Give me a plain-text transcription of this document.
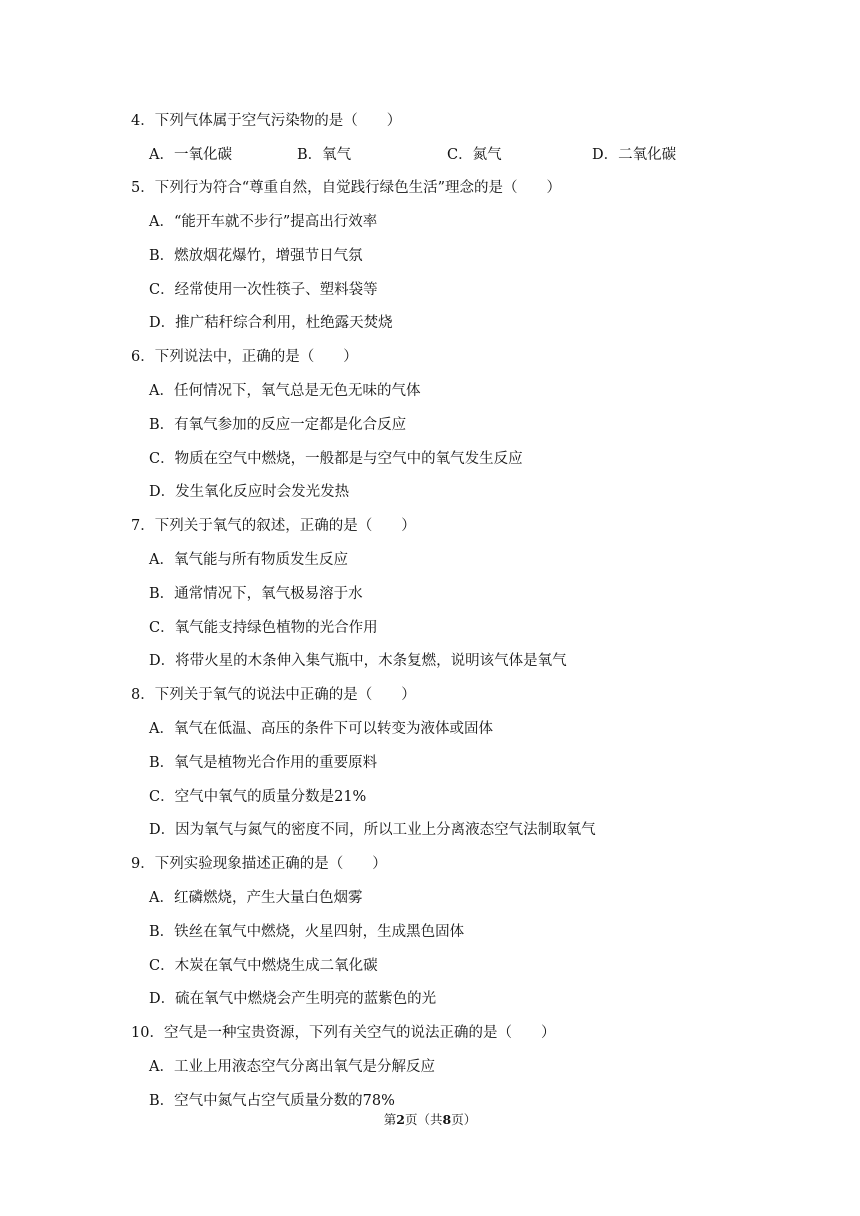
4．下列气体属于空气污染物的是（　　）
A．一氧化碳	B．氧气	C．氮气	D．二氧化碳
5．下列行为符合“尊重自然，自觉践行绿色生活”理念的是（　　）
A．“能开车就不步行”提高出行效率
B．燃放烟花爆竹，增强节日气氛
C．经常使用一次性筷子、塑料袋等
D．推广秸秆综合利用，杜绝露天焚烧
6．下列说法中，正确的是（　　）
A．任何情况下，氧气总是无色无味的气体
B．有氧气参加的反应一定都是化合反应
C．物质在空气中燃烧，一般都是与空气中的氧气发生反应
D．发生氧化反应时会发光发热
7．下列关于氧气的叙述，正确的是（　　）
A．氧气能与所有物质发生反应
B．通常情况下，氧气极易溶于水
C．氧气能支持绿色植物的光合作用
D．将带火星的木条伸入集气瓶中，木条复燃，说明该气体是氧气
8．下列关于氧气的说法中正确的是（　　）
A．氧气在低温、高压的条件下可以转变为液体或固体
B．氧气是植物光合作用的重要原料
C．空气中氧气的质量分数是21%
D．因为氧气与氮气的密度不同，所以工业上分离液态空气法制取氧气
9．下列实验现象描述正确的是（　　）
A．红磷燃烧，产生大量白色烟雾
B．铁丝在氧气中燃烧，火星四射，生成黑色固体
C．木炭在氧气中燃烧生成二氧化碳
D．硫在氧气中燃烧会产生明亮的蓝紫色的光
10．空气是一种宝贵资源，下列有关空气的说法正确的是（　　）
A．工业上用液态空气分离出氧气是分解反应
B．空气中氮气占空气质量分数的78%
第2页（共8页）
